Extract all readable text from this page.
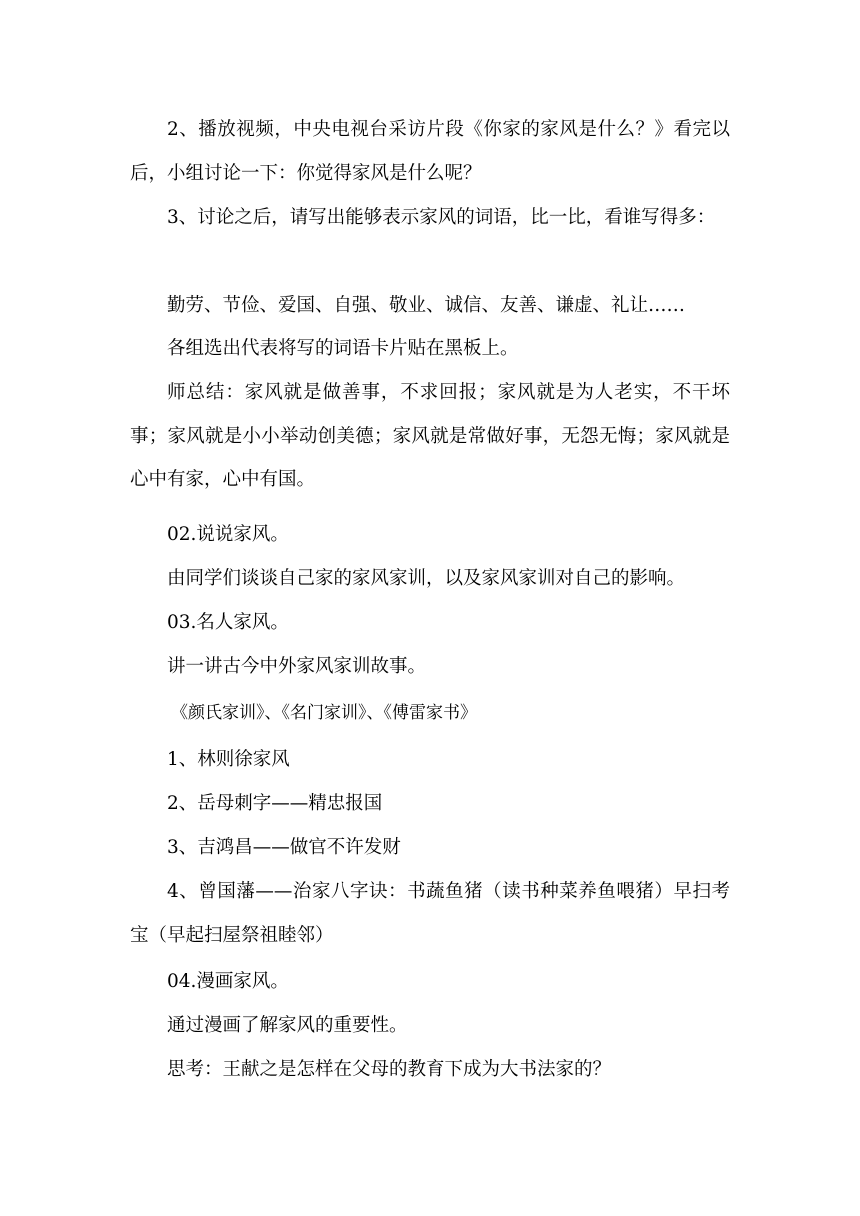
2、播放视频，中央电视台采访片段《你家的家风是什么？》看完以后，小组讨论一下：你觉得家风是什么呢？
3、讨论之后，请写出能够表示家风的词语，比一比，看谁写得多：
勤劳、节俭、爱国、自强、敬业、诚信、友善、谦虚、礼让……
各组选出代表将写的词语卡片贴在黑板上。
师总结：家风就是做善事，不求回报；家风就是为人老实，不干坏事；家风就是小小举动创美德；家风就是常做好事，无怨无悔；家风就是心中有家，心中有国。
02.说说家风。
由同学们谈谈自己家的家风家训，以及家风家训对自己的影响。
03.名人家风。
讲一讲古今中外家风家训故事。
《颜氏家训》、《名门家训》、《傅雷家书》
1、林则徐家风
2、岳母刺字——精忠报国
3、吉鸿昌——做官不许发财
4、曾国藩——治家八字诀：书蔬鱼猪（读书种菜养鱼喂猪）早扫考宝（早起扫屋祭祖睦邻）
04.漫画家风。
通过漫画了解家风的重要性。
思考：王献之是怎样在父母的教育下成为大书法家的？
